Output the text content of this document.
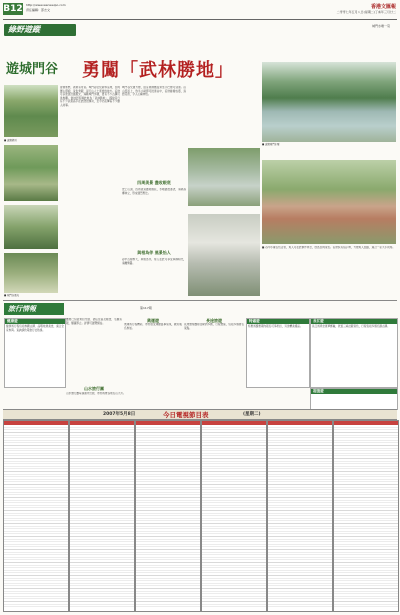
B12 http://www.wenweipo.com
責任編輯：邵志文	香港文匯報
二零零七年五月八日(星期二)丁亥年三月廿二
綠野遊蹤	城門水塘一景
遊城門谷 勇闖「武林勝地」
■ 遠眺梯田
■ 城門谷風光
■ 遠眺城門水塘
香港郊野，處處有奇景。城門谷位於新界荃灣，四周群山環抱，景色秀麗，是行山人士喜愛的地方。沿途可以欣賞田園風光，遠眺城門水塘，更有不少古蹟可供參觀。當地居民稱此地為「武林勝地」，據說昔日有不少武術高手在此隱居練功，至今仍流傳着不少動人故事。
城門谷交通方便，由荃灣港鐵站乘坐小巴便可到達。沿山徑而上，約半小時即可抵達谷中，沿途綠樹成蔭，鳥語花香，令人心曠神怡。
四周美景 盡收眼底
登上山頂，四周美景盡收眼底，水塘碧波蕩漾，遠處高樓林立，形成強烈對比。
與相為伴 風景怡人
谷中古樹參天，與相為伴，遊人在此可享受寧靜時光，遠離繁囂。
■ 谷中小屋古色古香，遊人可在此稍作休息，欣賞四周景色。沿途設有指示牌，方便遊人認路，適合一家大小同遊。
旅行情報	第117期
健康遊
健康遊行程包括參觀古蹟、品嚐地道美食，適合全家參與。查詢請致電旅行社熱線。
團費已包括來回交通、酒店住宿及膳食，名額有限，額滿即止。詳情可瀏覽網站。
奧運遊
奧運遊行程精彩，帶你感受運動盛事氣氛，歡迎報名參加。
長途旅遊
長途旅遊團前往歐洲多國，行程豐富，包括多個著名景點。
特惠遊
特惠遊優惠期內報名可享折扣，另送精美禮品。
長江遊
長江遊乘坐豪華郵輪，欣賞三峽壯麗景色，行程包括多個名勝古蹟。
山水旅行團
山水旅行團每逢週末出發，帶你遊覽各地名山大川。
超值遊
2007年5月8日	今日電視節目表	(星期二)
